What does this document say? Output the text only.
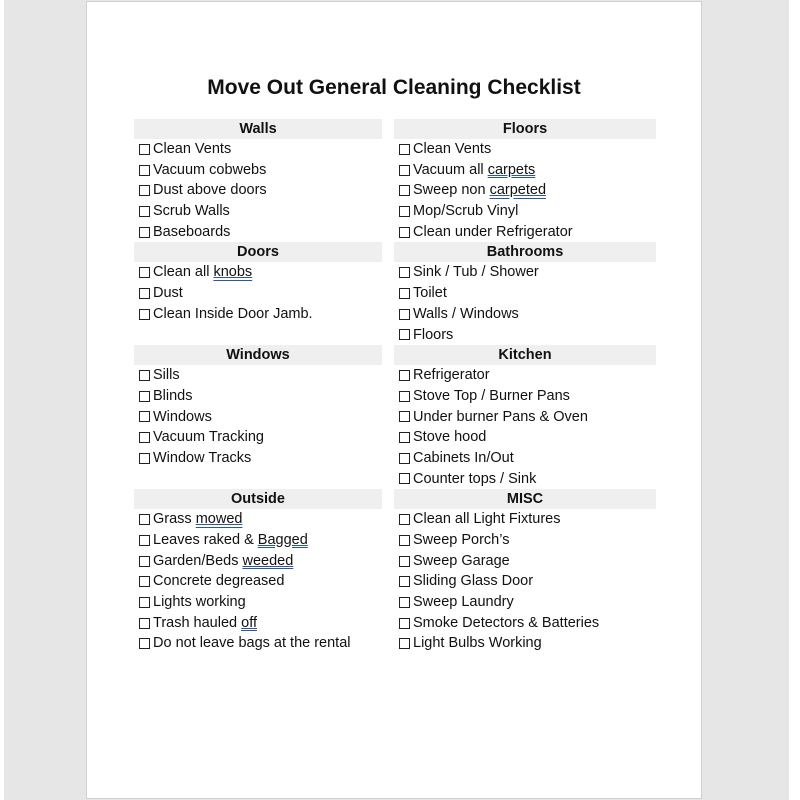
Move Out General Cleaning Checklist
Walls
Clean Vents
Vacuum cobwebs
Dust above doors
Scrub Walls
Baseboards
Doors
Clean all knobs
Dust
Clean Inside Door Jamb.
Windows
Sills
Blinds
Windows
Vacuum Tracking
Window Tracks
Outside
Grass mowed
Leaves raked & Bagged
Garden/Beds weeded
Concrete degreased
Lights working
Trash hauled off
Do not leave bags at the rental
Floors
Clean Vents
Vacuum all carpets
Sweep non carpeted
Mop/Scrub Vinyl
Clean under Refrigerator
Bathrooms
Sink / Tub / Shower
Toilet
Walls / Windows
Floors
Kitchen
Refrigerator
Stove Top / Burner Pans
Under burner Pans & Oven
Stove hood
Cabinets In/Out
Counter tops / Sink
MISC
Clean all Light Fixtures
Sweep Porch’s
Sweep Garage
Sliding Glass Door
Sweep Laundry
Smoke Detectors & Batteries
Light Bulbs Working
